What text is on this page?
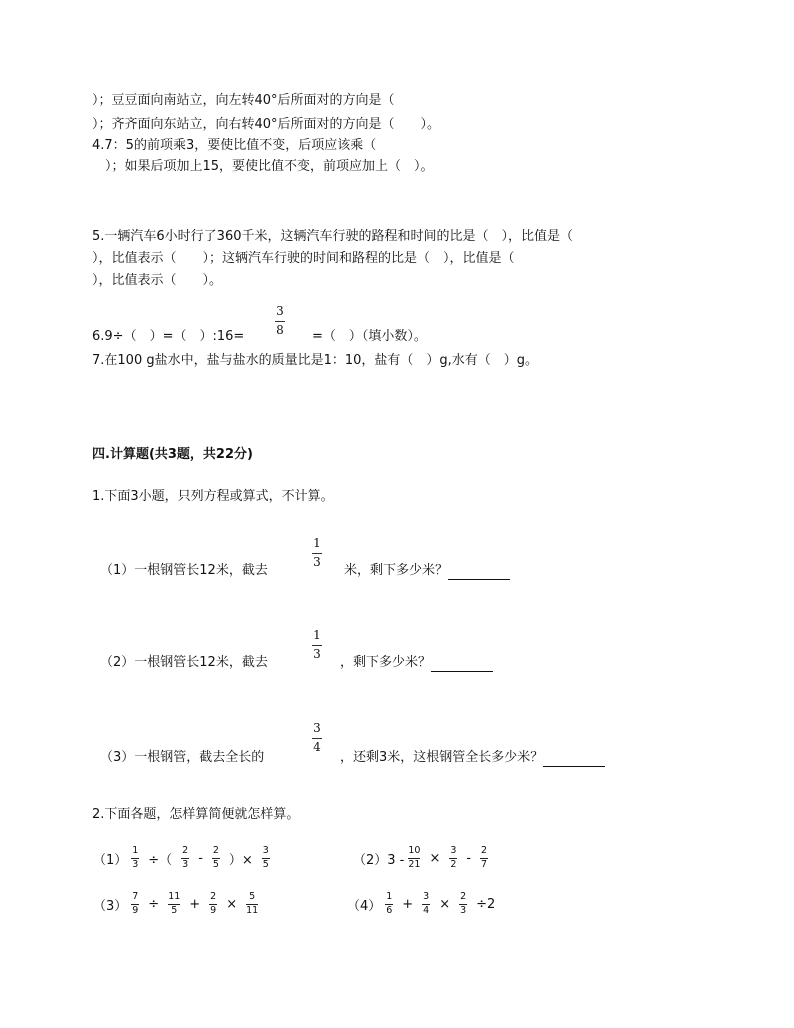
）；豆豆面向南站立，向左转40°后所面对的方向是（
）；齐齐面向东站立，向右转40°后所面对的方向是（　　）。
4.7：5的前项乘3，要使比值不变，后项应该乘（
　）；如果后项加上15，要使比值不变，前项应加上（　）。
5.一辆汽车6小时行了360千米，这辆汽车行驶的路程和时间的比是（　），比值是（
），比值表示（　　）；这辆汽车行驶的时间和路程的比是（　），比值是（
），比值表示（　　）。
6.9÷（　）=（　）:16=
3
8 =（　）（填小数）。
7.在100 g盐水中，盐与盐水的质量比是1：10，盐有（　）g,水有（　）g。
四.计算题(共3题，共22分)
1.下面3小题，只列方程或算式，不计算。
（1）一根钢管长12米，截去
1
3
米，剩下多少米？
（2）一根钢管长12米，截去
1
3
，剩下多少米？
（3）一根钢管，截去全长的
3
4
，还剩3米，这根钢管全长多少米？
2.下面各题，怎样算简便就怎样算。
（1）
1
3 ÷（
2
3 - 2
5 ）×
3
5	（2）3 -
10
21 × 3
2 - 2
7
（3）
7
9 ÷ 11
5 + 2
9 × 5
11	（4）
1
6 + 3
4 × 2
3 ÷2
